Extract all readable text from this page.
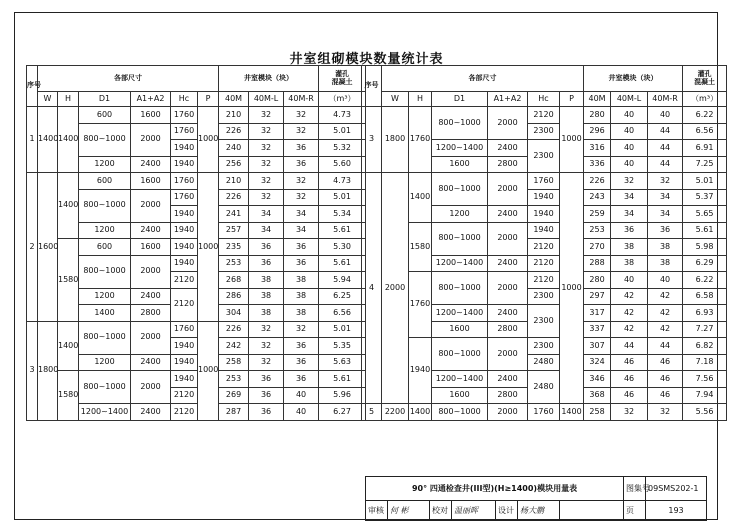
井室组砌模块数量统计表
序号	各部尺寸						井室模块（块）			灌孔
混凝土
	W	H	D1	A1+A2	Hc	P	40M	40M-L	40M-R	（m³）
1	1400	1400	600	1600	1760	1000	210	32	32	4.73
			800~1000	2000	1760		226	32	32	5.01
					1940		240	32	36	5.32
			1200	2400	1940		256	32	36	5.60
2	1600	1400	600	1600	1760	1000	210	32	32	4.73
			800~1000	2000	1760		226	32	32	5.01
					1940		241	34	34	5.34
			1200	2400	1940		257	34	34	5.61
		1580	600	1600	1940		235	36	36	5.30
			800~1000	2000	1940		253	36	36	5.61
					2120		268	38	38	5.94
			1200	2400	2120		286	38	38	6.25
			1400	2800			304	38	38	6.56
3	1800	1400	800~1000	2000	1760	1000	226	32	32	5.01
					1940		242	32	36	5.35
			1200	2400	1940		258	32	36	5.63
		1580	800~1000	2000	1940		253	36	36	5.61
					2120		269	36	40	5.96
			1200~1400	2400	2120		287	36	40	6.27
序号	各部尺寸						井室模块（块）			灌孔
混凝土
	W	H	D1	A1+A2	Hc	P	40M	40M-L	40M-R	（m³）
3	1800	1760	800~1000	2000	2120	1000	280	40	40	6.22
					2300		296	40	44	6.56
			1200~1400	2400	2300		316	40	44	6.91
			1600	2800			336	40	44	7.25
4	2000	1400	800~1000	2000	1760	1000	226	32	32	5.01
					1940		243	34	34	5.37
			1200	2400	1940		259	34	34	5.65
		1580	800~1000	2000	1940		253	36	36	5.61
					2120		270	38	38	5.98
			1200~1400	2400	2120		288	38	38	6.29
		1760	800~1000	2000	2120		280	40	40	6.22
					2300		297	42	42	6.58
			1200~1400	2400	2300		317	42	42	6.93
			1600	2800			337	42	42	7.27
		1940	800~1000	2000	2300		307	44	44	6.82
					2480		324	46	46	7.18
			1200~1400	2400	2480		346	46	46	7.56
			1600	2800			368	46	46	7.94
5	2200	1400	800~1000	2000	1760	1400	258	32	32	5.56
90° 四通检查井(III型)(H≥1400)模块用量表							图集号	09SMS202-1
审核	何 彬	校对	温丽晖	设计	杨大鹏		页	193
